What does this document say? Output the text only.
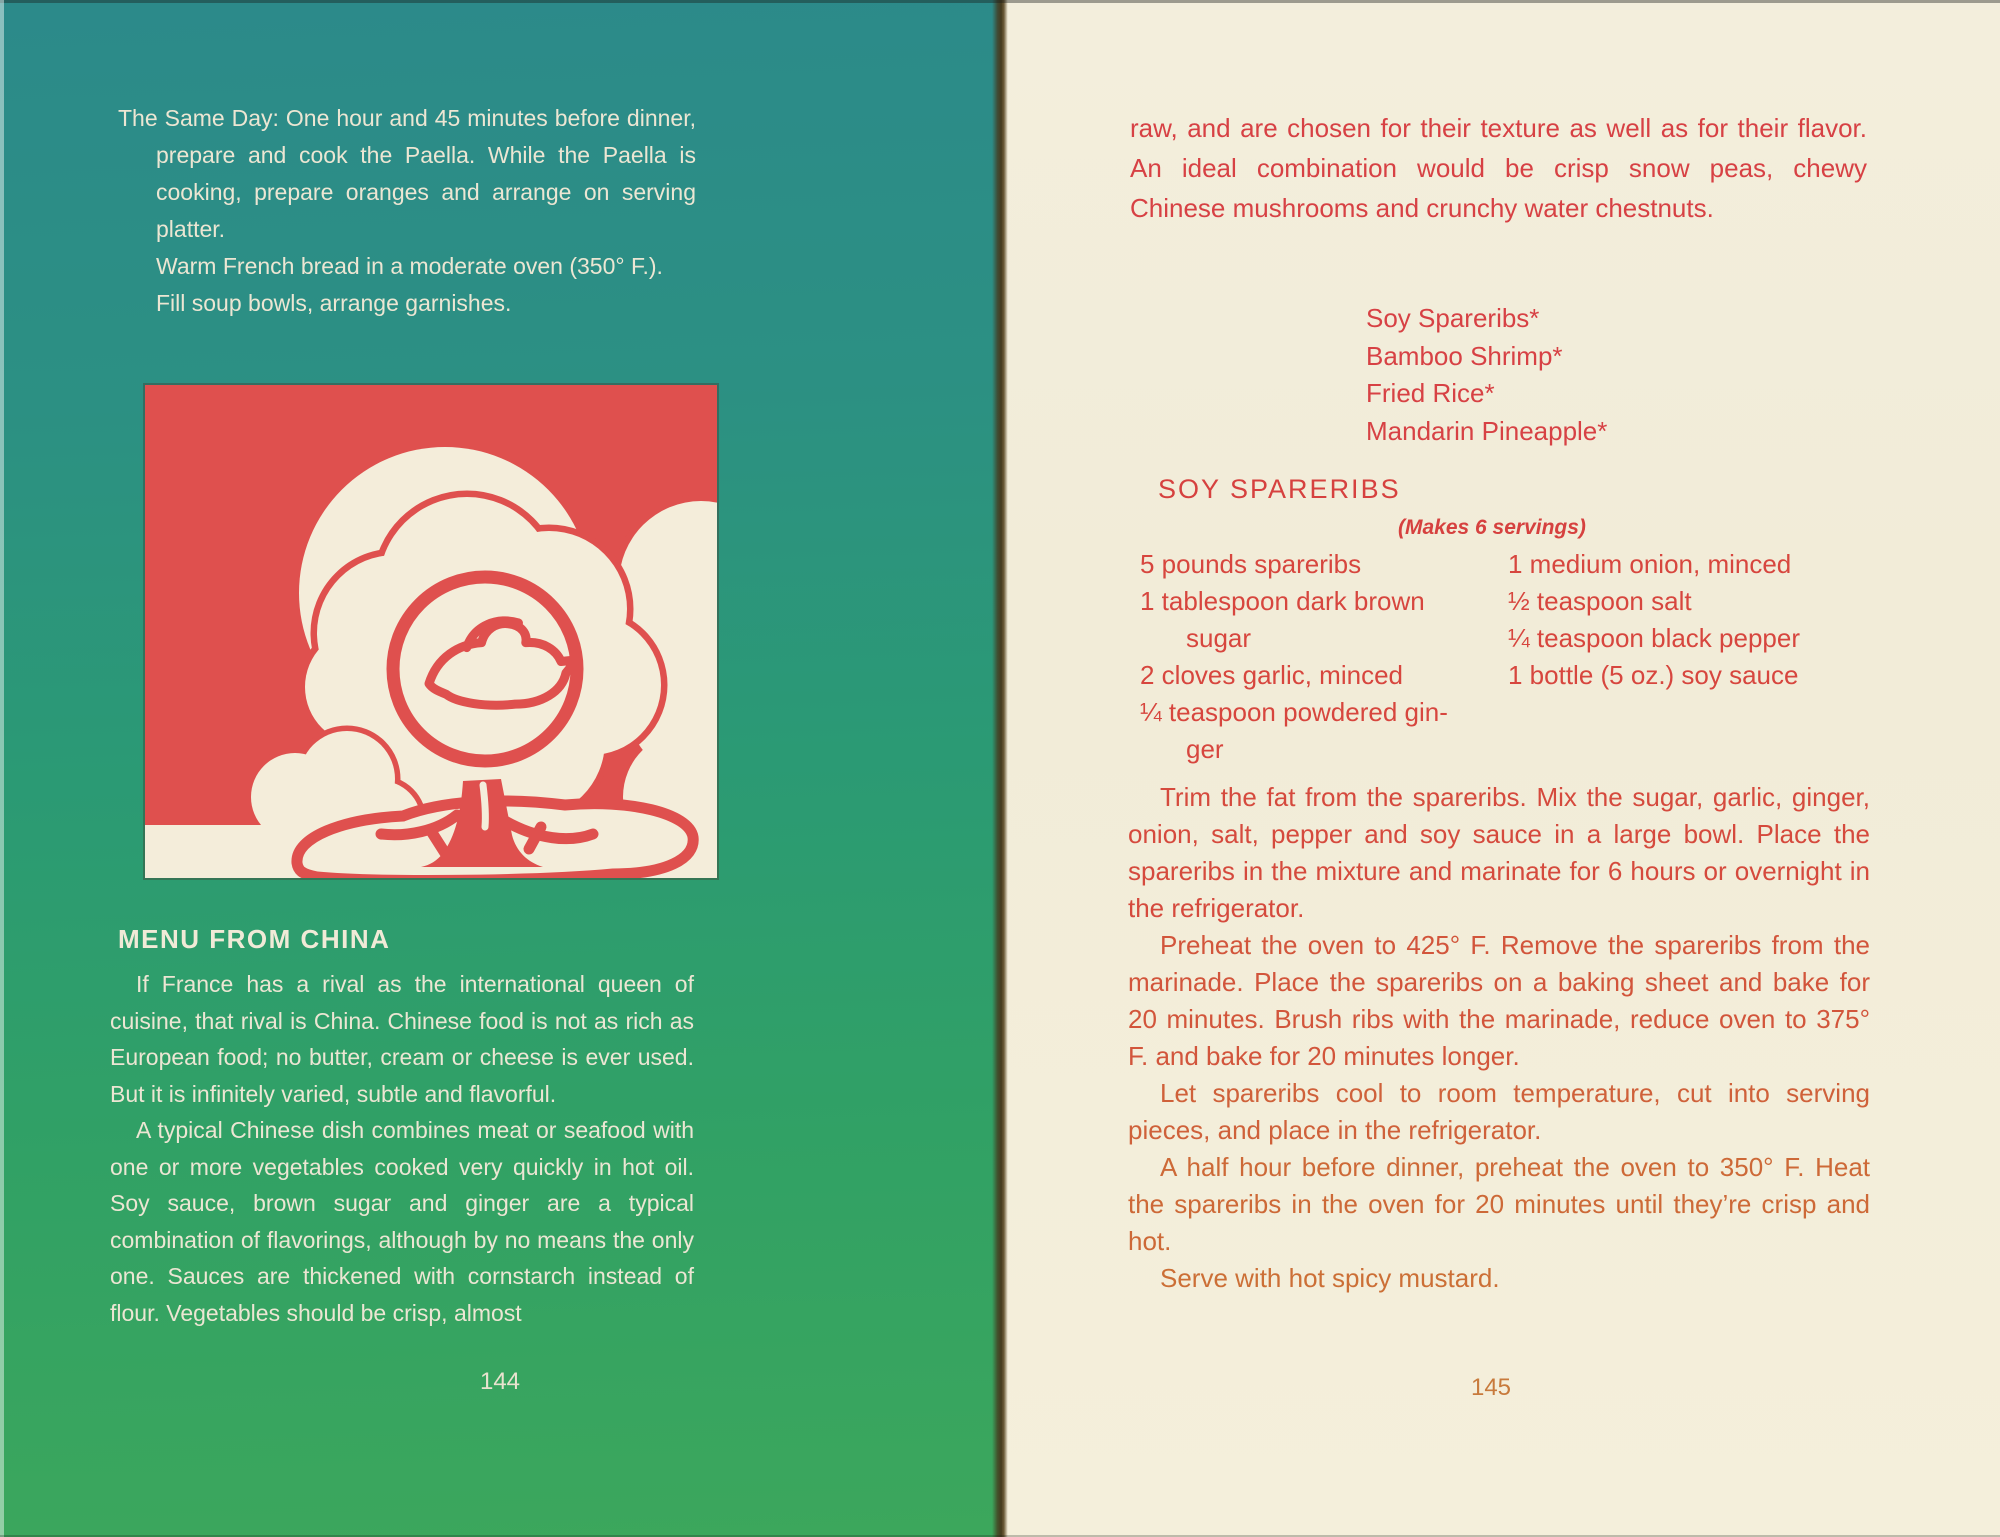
The Same Day: One hour and 45 minutes before dinner, prepare and cook the Paella. While the Paella is cooking, prepare oranges and arrange on serving platter.

Warm French bread in a moderate oven (350° F.).
Fill soup bowls, arrange garnishes.
MENU FROM CHINA

If France has a rival as the international queen of cuisine, that rival is China. Chinese food is not as rich as European food; no butter, cream or cheese is ever used. But it is infinitely varied, subtle and flavorful.

A typical Chinese dish combines meat or seafood with one or more vegetables cooked very quickly in hot oil. Soy sauce, brown sugar and ginger are a typical combination of flavorings, although by no means the only one. Sauces are thickened with cornstarch instead of flour. Vegetables should be crisp, almost

144

raw, and are chosen for their texture as well as for their flavor. An ideal combination would be crisp snow peas, chewy Chinese mushrooms and crunchy water chestnuts.

Soy Spareribs*
Bamboo Shrimp*
Fried Rice*
Mandarin Pineapple*
SOY SPARERIBS
(Makes 6 servings)
5 pounds spareribs
1 tablespoon dark brown
sugar
2 cloves garlic, minced
¼ teaspoon powdered gin-
ger
1 medium onion, minced
½ teaspoon salt
¼ teaspoon black pepper
1 bottle (5 oz.) soy sauce

Trim the fat from the spareribs. Mix the sugar, garlic, ginger, onion, salt, pepper and soy sauce in a large bowl. Place the spareribs in the mixture and marinate for 6 hours or overnight in the refrigerator.

Preheat the oven to 425° F. Remove the spareribs from the marinade. Place the spareribs on a baking sheet and bake for 20 minutes. Brush ribs with the marinade, reduce oven to 375° F. and bake for 20 minutes longer.

Let spareribs cool to room temperature, cut into serving pieces, and place in the refrigerator.

A half hour before dinner, preheat the oven to 350° F. Heat the spareribs in the oven for 20 minutes until they’re crisp and hot.

Serve with hot spicy mustard.

145
